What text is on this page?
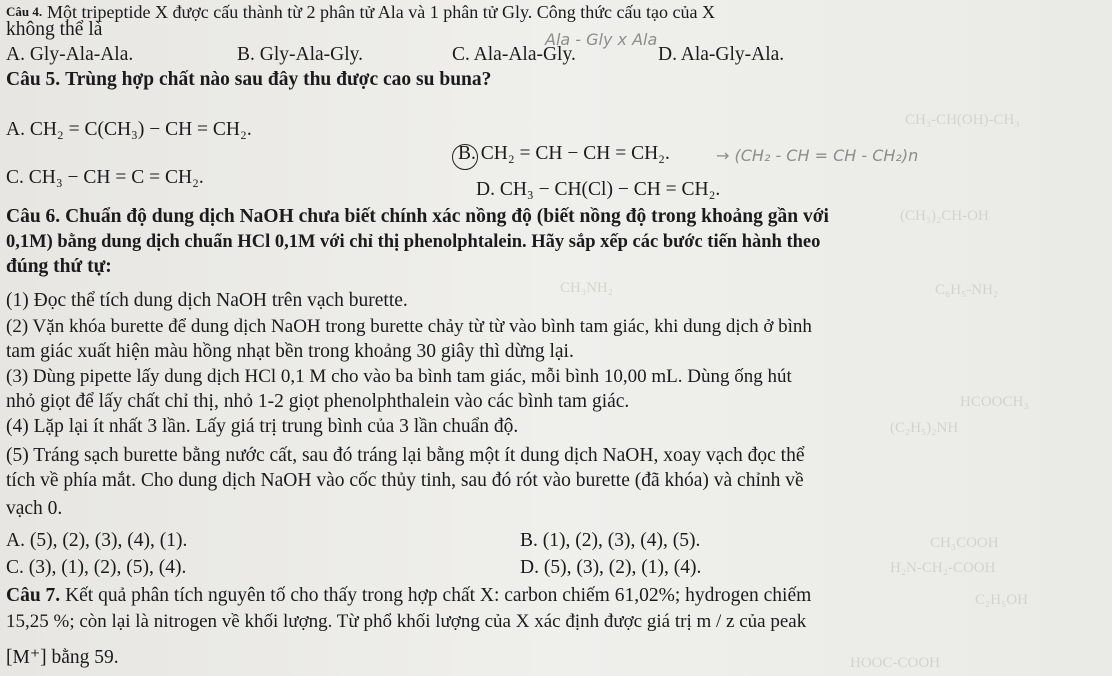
CH₃-CH(OH)-CH₃
(CH₃)₂CH-OH
C₆H₅-NH₂
HCOOCH₃
(C₂H₅)₂NH
CH₃COOH
H₂N-CH₂-COOH
C₂H₅OH
CH₃NH₂
HOOC-COOH
$^{Câu 4.}$ Một tripeptide X được cấu thành từ 2 phân tử Ala và 1 phân tử Gly. Công thức cấu tạo của X
không thể là
A. Gly-Ala-Ala.	B. Gly-Ala-Gly.	C. Ala-Ala-Gly.	D. Ala-Gly-Ala.
Ala - Gly x Ala
Câu 5. Trùng hợp chất nào sau đây thu được cao su buna?
A. CH₂ = C(CH₃) − CH = CH₂.
B. CH₂ = CH − CH = CH₂.	→ (CH₂ - CH = CH - CH₂)n
C. CH₃ − CH = C = CH₂.
D. CH₃ − CH(Cl) − CH = CH₂.
Câu 6. Chuẩn độ dung dịch NaOH chưa biết chính xác nồng độ (biết nồng độ trong khoảng gần với
0,1M) bằng dung dịch chuẩn HCl 0,1M với chỉ thị phenolphtalein. Hãy sắp xếp các bước tiến hành theo
đúng thứ tự:
(1) Đọc thể tích dung dịch NaOH trên vạch burette.
(2) Vặn khóa burette để dung dịch NaOH trong burette chảy từ từ vào bình tam giác, khi dung dịch ở bình
tam giác xuất hiện màu hồng nhạt bền trong khoảng 30 giây thì dừng lại.
(3) Dùng pipette lấy dung dịch HCl 0,1 M cho vào ba bình tam giác, mỗi bình 10,00 mL. Dùng ống hút
nhỏ giọt để lấy chất chỉ thị, nhỏ 1-2 giọt phenolphthalein vào các bình tam giác.
(4) Lặp lại ít nhất 3 lần. Lấy giá trị trung bình của 3 lần chuẩn độ.
(5) Tráng sạch burette bằng nước cất, sau đó tráng lại bằng một ít dung dịch NaOH, xoay vạch đọc thể
tích về phía mắt. Cho dung dịch NaOH vào cốc thủy tinh, sau đó rót vào burette (đã khóa) và chỉnh về
vạch 0.
A. (5), (2), (3), (4), (1).	B. (1), (2), (3), (4), (5).
C. (3), (1), (2), (5), (4).	D. (5), (3), (2), (1), (4).
Câu 7. Kết quả phân tích nguyên tố cho thấy trong hợp chất X: carbon chiếm 61,02%; hydrogen chiếm
15,25 %; còn lại là nitrogen về khối lượng. Từ phổ khối lượng của X xác định được giá trị m / z của peak
[M⁺] bằng 59.
